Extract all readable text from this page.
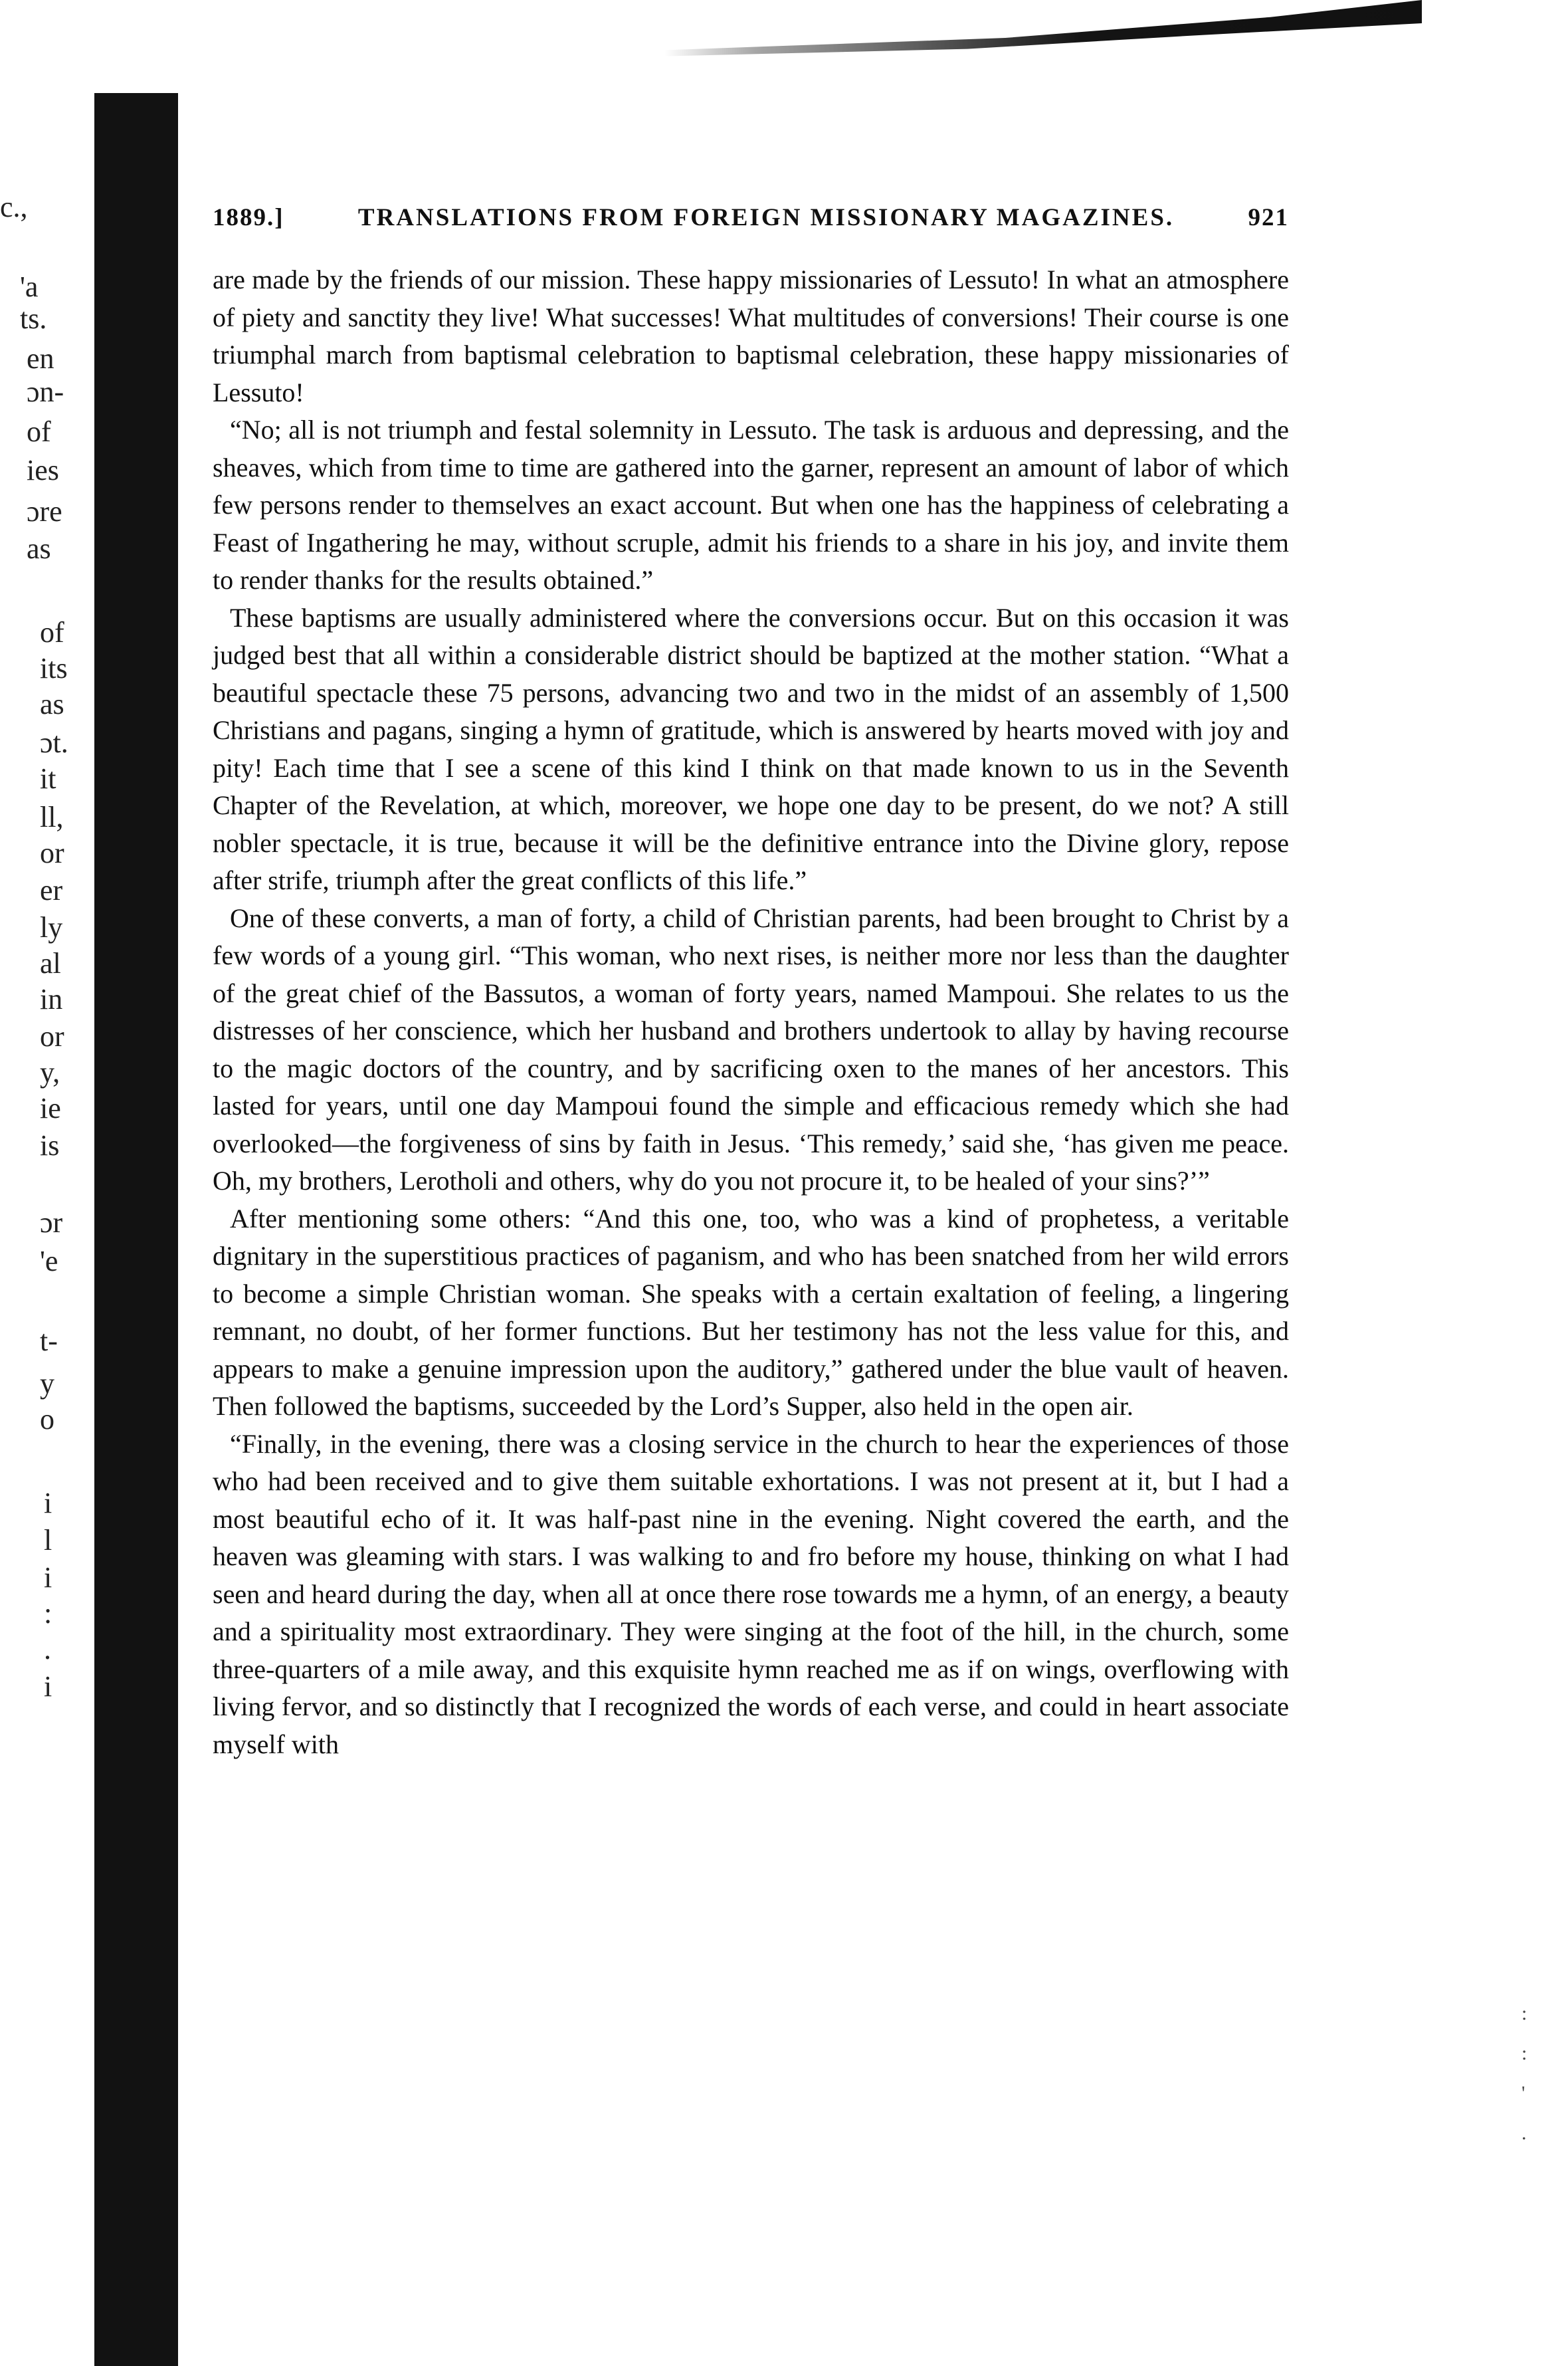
c.,
'a
ts.
en
ɔn-
of
ies
ɔre
as
of
its
as
ɔt.
it
ll,
or
er
ly
al
in
or
y,
ie
is
ɔr
'e
t-
y
o
i
l
i
:
.
i
1889.]	TRANSLATIONS FROM FOREIGN MISSIONARY MAGAZINES.	921

are made by the friends of our mission. These happy missionaries of Lessuto! In what an atmosphere of piety and sanctity they live! What successes! What multitudes of conversions! Their course is one triumphal march from baptismal celebration to baptismal celebration, these happy missionaries of Lessuto!

“No; all is not triumph and festal solemnity in Lessuto. The task is arduous and depressing, and the sheaves, which from time to time are gathered into the garner, represent an amount of labor of which few persons render to themselves an exact account. But when one has the happiness of celebrating a Feast of Ingathering he may, without scruple, admit his friends to a share in his joy, and invite them to render thanks for the results obtained.”

These baptisms are usually administered where the conversions occur. But on this occasion it was judged best that all within a considerable district should be baptized at the mother station. “What a beautiful spectacle these 75 persons, advancing two and two in the midst of an assembly of 1,500 Christians and pagans, singing a hymn of gratitude, which is answered by hearts moved with joy and pity! Each time that I see a scene of this kind I think on that made known to us in the Seventh Chapter of the Revelation, at which, moreover, we hope one day to be present, do we not? A still nobler spectacle, it is true, because it will be the definitive entrance into the Divine glory, repose after strife, triumph after the great conflicts of this life.”

One of these converts, a man of forty, a child of Christian parents, had been brought to Christ by a few words of a young girl. “This woman, who next rises, is neither more nor less than the daughter of the great chief of the Bassutos, a woman of forty years, named Mampoui. She relates to us the distresses of her conscience, which her husband and brothers undertook to allay by having recourse to the magic doctors of the country, and by sacrificing oxen to the manes of her ancestors. This lasted for years, until one day Mampoui found the simple and efficacious remedy which she had overlooked—the forgiveness of sins by faith in Jesus. ‘This remedy,’ said she, ‘has given me peace. Oh, my brothers, Lerotholi and others, why do you not procure it, to be healed of your sins?’”

After mentioning some others: “And this one, too, who was a kind of prophetess, a veritable dignitary in the superstitious practices of paganism, and who has been snatched from her wild errors to become a simple Christian woman. She speaks with a certain exaltation of feeling, a lingering remnant, no doubt, of her former functions. But her testimony has not the less value for this, and appears to make a genuine impression upon the auditory,” gathered under the blue vault of heaven. Then followed the baptisms, succeeded by the Lord’s Supper, also held in the open air.

“Finally, in the evening, there was a closing service in the church to hear the experiences of those who had been received and to give them suitable exhortations. I was not present at it, but I had a most beautiful echo of it. It was half-past nine in the evening. Night covered the earth, and the heaven was gleaming with stars. I was walking to and fro before my house, thinking on what I had seen and heard during the day, when all at once there rose towards me a hymn, of an energy, a beauty and a spirituality most extraordinary. They were singing at the foot of the hill, in the church, some three-quarters of a mile away, and this exquisite hymn reached me as if on wings, overflowing with living fervor, and so distinctly that I recognized the words of each verse, and could in heart associate myself with

:
:
'
.
